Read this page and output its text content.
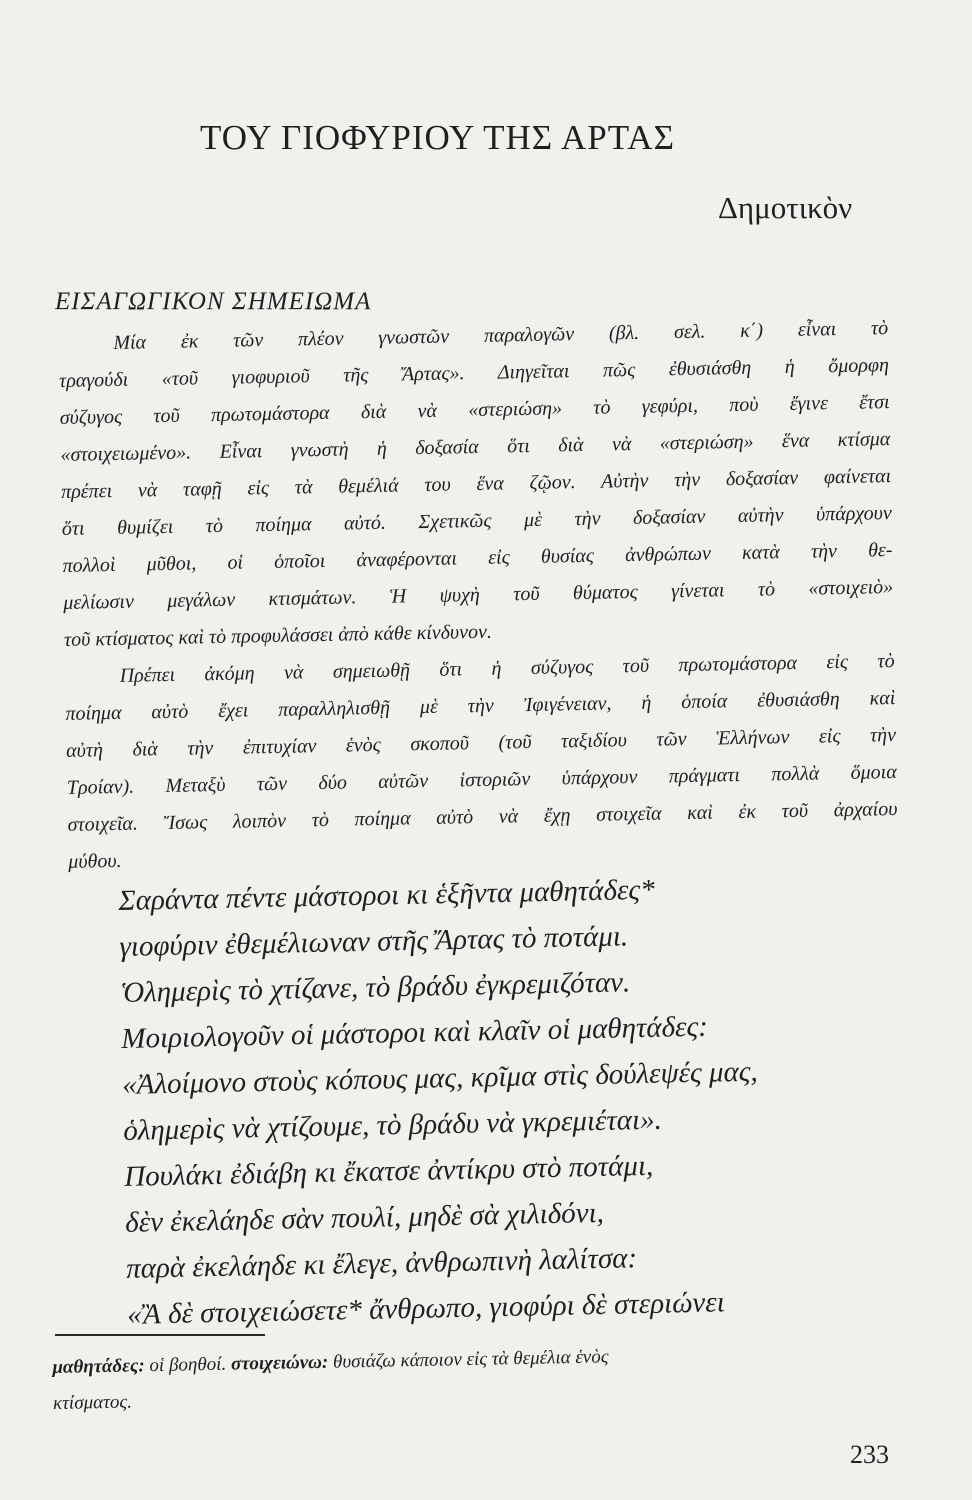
ΤΟΥ ΓΙΟΦΥΡΙΟΥ ΤΗΣ ΑΡΤΑΣ
Δημοτικὸν
ΕΙΣΑΓΩΓΙΚΟΝ ΣΗΜΕΙΩΜΑ
Μία ἐκ τῶν πλέον γνωστῶν παραλογῶν (βλ. σελ. κ΄) εἶναι τὸ
τραγούδι «τοῦ γιοφυριοῦ τῆς Ἄρτας». Διηγεῖται πῶς ἐθυσιάσθη ἡ ὄμορφη
σύζυγος τοῦ πρωτομάστορα διὰ νὰ «στεριώση» τὸ γεφύρι, ποὺ ἔγινε ἔτσι
«στοιχειωμένο». Εἶναι γνωστὴ ἡ δοξασία ὅτι διὰ νὰ «στεριώση» ἕνα κτίσμα
πρέπει νὰ ταφῇ εἰς τὰ θεμέλιά του ἕνα ζῷον. Αὐτὴν τὴν δοξασίαν φαίνεται
ὅτι θυμίζει τὸ ποίημα αὐτό. Σχετικῶς μὲ τὴν δοξασίαν αὐτὴν ὑπάρχουν
πολλοὶ μῦθοι, οἱ ὁποῖοι ἀναφέρονται εἰς θυσίας ἀνθρώπων κατὰ τὴν θε-
μελίωσιν μεγάλων κτισμάτων. Ἡ ψυχὴ τοῦ θύματος γίνεται τὸ «στοιχειὸ»
τοῦ κτίσματος καὶ τὸ προφυλάσσει ἀπὸ κάθε κίνδυνον.
Πρέπει ἀκόμη νὰ σημειωθῇ ὅτι ἡ σύζυγος τοῦ πρωτομάστορα εἰς τὸ
ποίημα αὐτὸ ἔχει παραλληλισθῇ μὲ τὴν Ἰφιγένειαν, ἡ ὁποία ἐθυσιάσθη καὶ
αὐτὴ διὰ τὴν ἐπιτυχίαν ἑνὸς σκοποῦ (τοῦ ταξιδίου τῶν Ἑλλήνων εἰς τὴν
Τροίαν). Μεταξὺ τῶν δύο αὐτῶν ἱστοριῶν ὑπάρχουν πράγματι πολλὰ ὅμοια
στοιχεῖα. Ἴσως λοιπὸν τὸ ποίημα αὐτὸ νὰ ἔχῃ στοιχεῖα καὶ ἐκ τοῦ ἀρχαίου
μύθου.
Σαράντα πέντε μάστοροι κι ἑξῆντα μαθητάδες*
γιοφύριν ἐθεμέλιωναν στῆς Ἄρτας τὸ ποτάμι.
Ὁλημερὶς τὸ χτίζανε, τὸ βράδυ ἐγκρεμιζόταν.
Μοιριολογοῦν οἱ μάστοροι καὶ κλαῖν οἱ μαθητάδες:
«Ἀλοίμονο στοὺς κόπους μας, κρῖμα στὶς δούλεψές μας,
ὁλημερὶς νὰ χτίζουμε, τὸ βράδυ νὰ γκρεμιέται».
Πουλάκι ἐδιάβη κι ἔκατσε ἀντίκρυ στὸ ποτάμι,
δὲν ἐκελάηδε σὰν πουλί, μηδὲ σὰ χιλιδόνι,
παρὰ ἐκελάηδε κι ἔλεγε, ἀνθρωπινὴ λαλίτσα:
«Ἂ δὲ στοιχειώσετε* ἄνθρωπο, γιοφύρι δὲ στεριώνει
μαθητάδες: οἱ βοηθοί. στοιχειώνω: θυσιάζω κάποιον εἰς τὰ θεμέλια ἑνὸς
κτίσματος.
233
